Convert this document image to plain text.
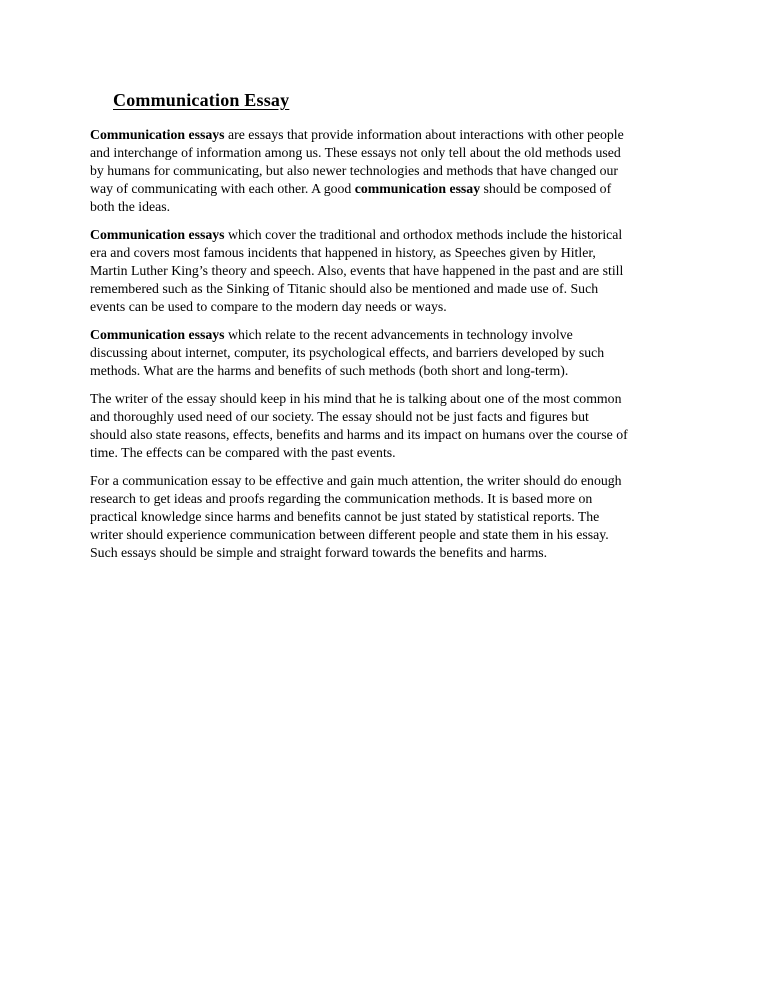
Communication Essay

Communication essays are essays that provide information about interactions with other people
and interchange of information among us. These essays not only tell about the old methods used
by humans for communicating, but also newer technologies and methods that have changed our
way of communicating with each other. A good communication essay should be composed of
both the ideas.

Communication essays which cover the traditional and orthodox methods include the historical
era and covers most famous incidents that happened in history, as Speeches given by Hitler,
Martin Luther King’s theory and speech. Also, events that have happened in the past and are still
remembered such as the Sinking of Titanic should also be mentioned and made use of. Such
events can be used to compare to the modern day needs or ways.

Communication essays which relate to the recent advancements in technology involve
discussing about internet, computer, its psychological effects, and barriers developed by such
methods. What are the harms and benefits of such methods (both short and long-term).

The writer of the essay should keep in his mind that he is talking about one of the most common
and thoroughly used need of our society. The essay should not be just facts and figures but
should also state reasons, effects, benefits and harms and its impact on humans over the course of
time. The effects can be compared with the past events.

For a communication essay to be effective and gain much attention, the writer should do enough
research to get ideas and proofs regarding the communication methods. It is based more on
practical knowledge since harms and benefits cannot be just stated by statistical reports. The
writer should experience communication between different people and state them in his essay.
Such essays should be simple and straight forward towards the benefits and harms.
